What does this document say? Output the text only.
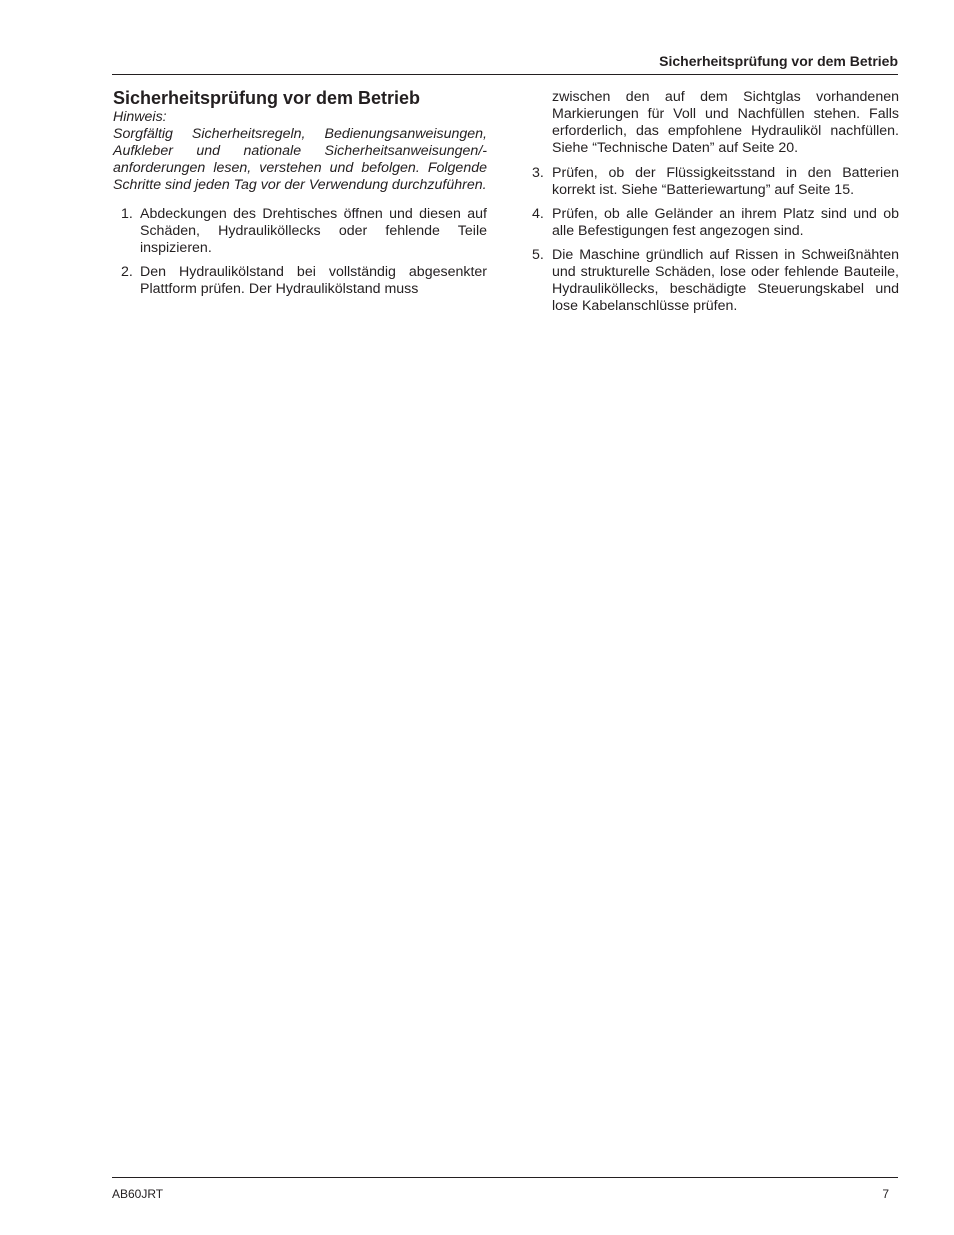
Sicherheitsprüfung vor dem Betrieb
Sicherheitsprüfung vor dem Betrieb

Hinweis:

Sorgfältig Sicherheitsregeln, Bedienungsanweisungen, Aufkleber und nationale Sicherheitsanweisungen/-anforderungen lesen, verstehen und befolgen. Folgende Schritte sind jeden Tag vor der Verwendung durchzuführen.

1. Abdeckungen des Drehtisches öffnen und diesen auf Schäden, Hydrauliköllecks oder fehlende Teile inspizieren.
2. Den Hydraulikölstand bei vollständig abgesenkter Plattform prüfen. Der Hydraulikölstand muss

zwischen den auf dem Sichtglas vorhandenen Markierungen für Voll und Nachfüllen stehen. Falls erforderlich, das empfohlene Hydrauliköl nachfüllen. Siehe “Technische Daten” auf Seite 20.

3. Prüfen, ob der Flüssigkeitsstand in den Batterien korrekt ist. Siehe “Batteriewartung” auf Seite 15.
4. Prüfen, ob alle Geländer an ihrem Platz sind und ob alle Befestigungen fest angezogen sind.
5. Die Maschine gründlich auf Rissen in Schweißnähten und strukturelle Schäden, lose oder fehlende Bauteile, Hydrauliköllecks, beschädigte Steuerungskabel und lose Kabelanschlüsse prüfen.
AB60JRT	7
